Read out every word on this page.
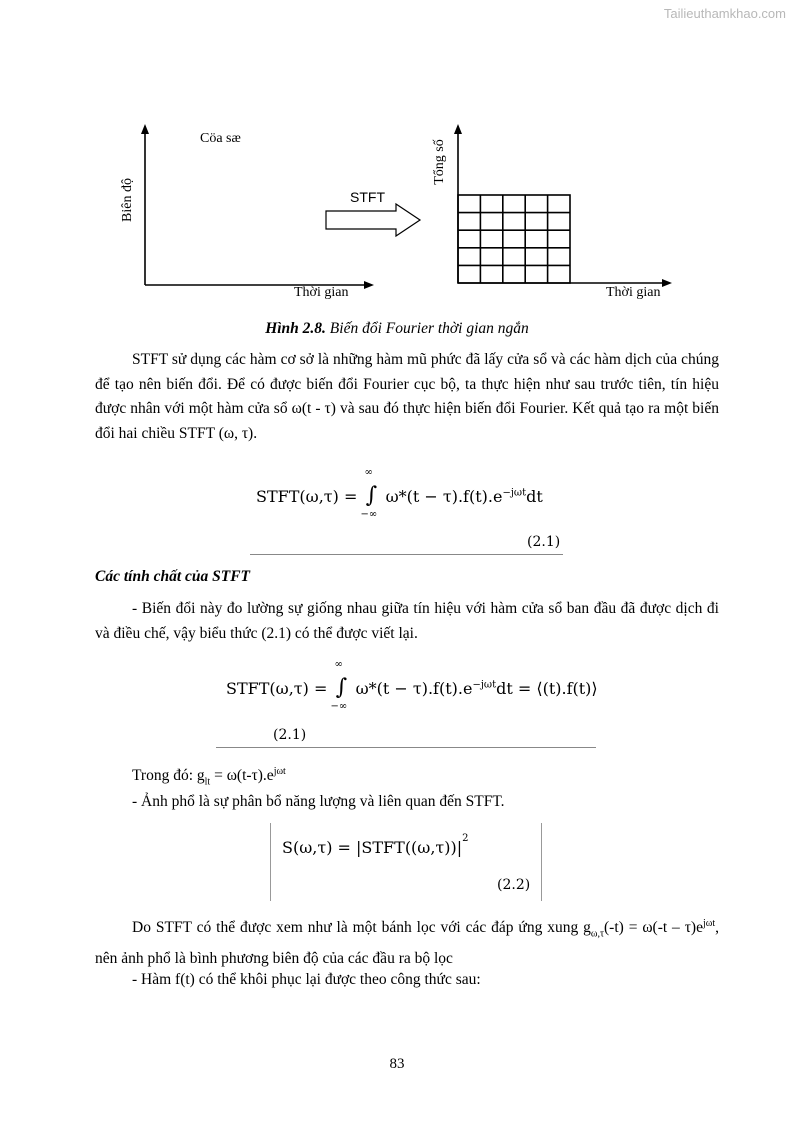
Tailieuthamkhao.com
Biên độ
Cöa sæ
Thời gian
STFT
Tổng số
Thời gian
Hình 2.8. Biến đổi Fourier thời gian ngắn
STFT sử dụng các hàm cơ sở là những hàm mũ phức đã lấy cửa sổ và các hàm dịch của chúng để tạo nên biến đổi. Để có được biến đổi Fourier cục bộ, ta thực hiện như sau trước tiên, tín hiệu được nhân với một hàm cửa sổ ω(t - τ) và sau đó thực hiện biến đổi Fourier. Kết quả tạo ra một biến đổi hai chiều STFT (ω, τ).
STFT(ω,τ) = ∫
∞
−∞
$\omega*(t - \tau).f(t).e^{-j\omega t}dt$
(2.1)
Các tính chất của STFT
- Biến đổi này đo lường sự giống nhau giữa tín hiệu với hàm cửa sổ ban đầu đã được dịch đi và điều chế, vậy biểu thức (2.1) có thể được viết lại.
STFT(ω,τ) = ∫
∞
−∞
$\omega*(t - \tau).f(t).e^{-j\omega t}dt$ = ⟨(t).f(t)⟩
(2.1)
Trong đó: $g_{lt} = \omega(t-\tau).e^{j\omega t}$
- Ảnh phổ là sự phân bổ năng lượng và liên quan đến STFT.
$S(\omega,\tau) = |STFT((\omega,\tau))|^2$
(2.2)
Do STFT có thể được xem như là một bánh lọc với các đáp ứng xung $g_{\omega,\tau}(-t) = \omega(-t - \tau)e^{j\omega t}$, nên ảnh phổ là bình phương biên độ của các đầu ra bộ lọc
- Hàm f(t) có thể khôi phục lại được theo công thức sau:
83
